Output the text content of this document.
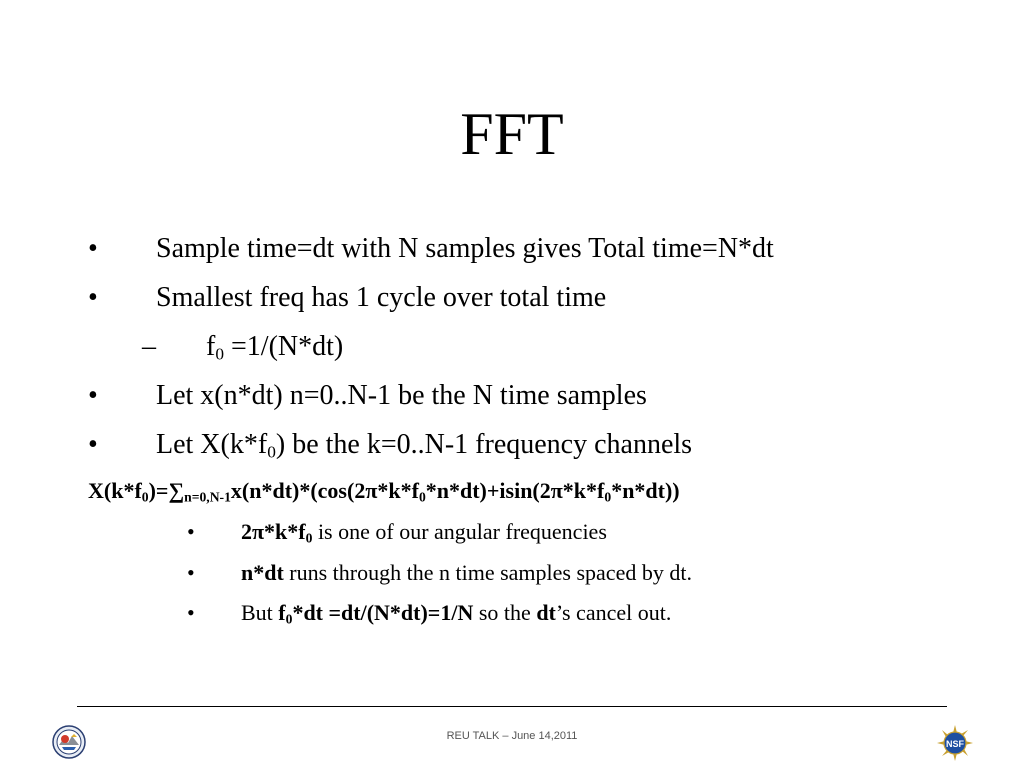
FFT
• Sample time=dt with N samples gives Total time=N*dt
• Smallest freq has 1 cycle over total time
– $f_0 =1/(N*dt)$
• Let x(n*dt) n=0..N-1 be the N time samples
• Let $X(k*f_0)$ be the k=0..N-1 frequency channels
$X(k*f_0)=\sum_{n=0,N-1}x(n*dt)*(\cos(2\pi*k*f_0*n*dt)+isin(2\pi*k*f_0*n*dt))$
• $2\pi*k*f_0$ is one of our angular frequencies
• n*dt runs through the n time samples spaced by dt.
• But $f_0*dt =dt/(N*dt)=1/N$ so the dt’s cancel out.
REU TALK – June 14,2011
NSF
